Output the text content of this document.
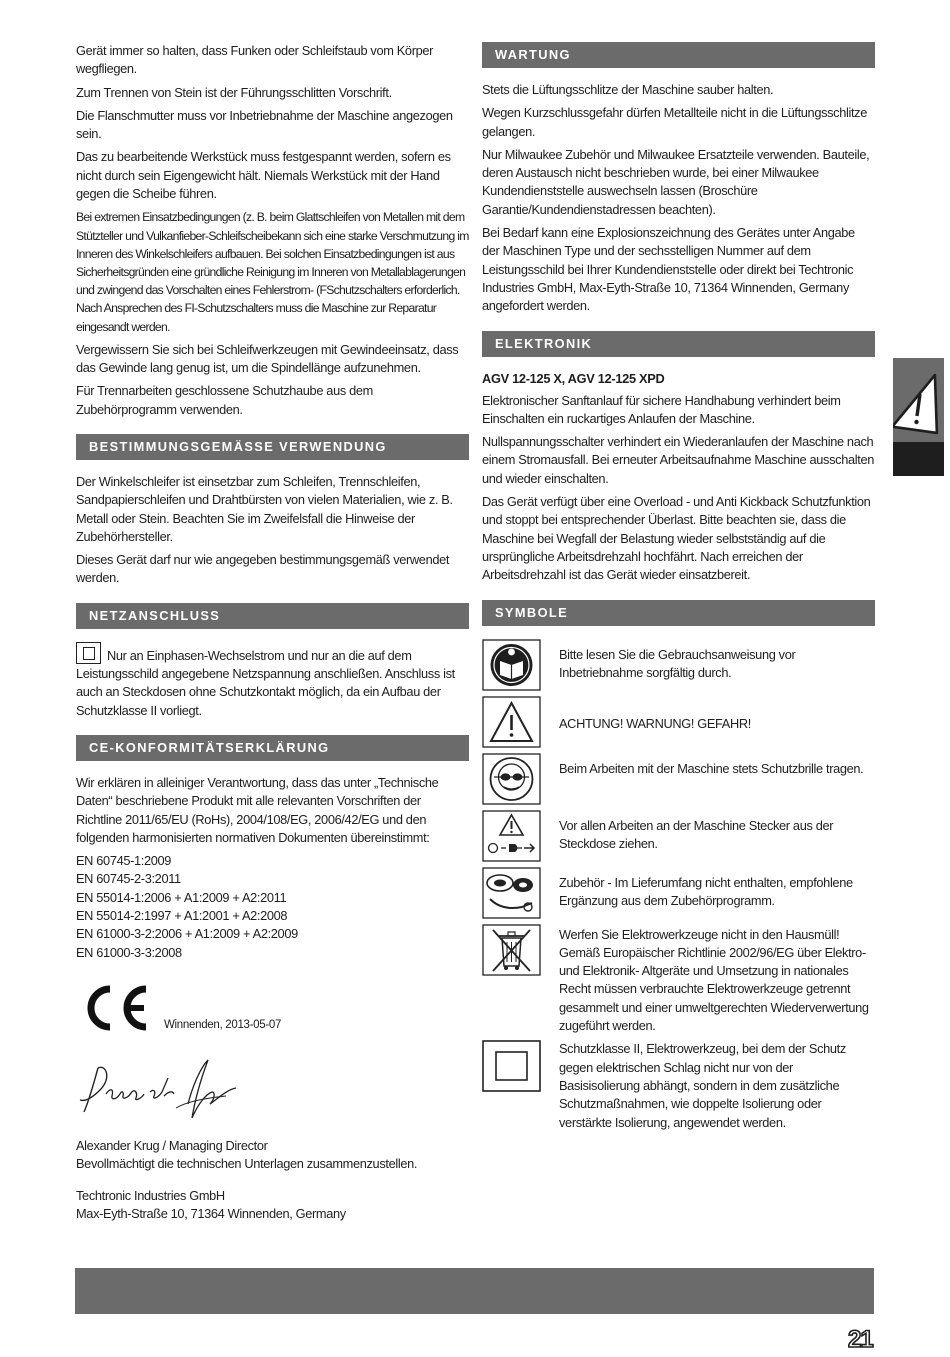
Gerät immer so halten, dass Funken oder Schleifstaub vom Körper wegfliegen.

Zum Trennen von Stein ist der Führungsschlitten Vorschrift.

Die Flanschmutter muss vor Inbetriebnahme der Maschine angezogen sein.

Das zu bearbeitende Werkstück muss festgespannt werden, sofern es nicht durch sein Eigengewicht hält. Niemals Werkstück mit der Hand gegen die Scheibe führen.

Bei extremen Einsatzbedingungen (z. B. beim Glattschleifen von Metallen mit dem Stützteller und Vulkanfieber-Schleifscheibekann sich eine starke Verschmutzung im Inneren des Winkelschleifers aufbauen. Bei solchen Einsatzbedingungen ist aus Sicherheitsgründen eine gründliche Reinigung im Inneren von Metallablagerungen und zwingend das Vorschalten eines Fehlerstrom- (FSchutzschalters erforderlich. Nach Ansprechen des FI-Schutzschalters muss die Maschine zur Reparatur eingesandt werden.

Vergewissern Sie sich bei Schleifwerkzeugen mit Gewindeeinsatz, dass das Gewinde lang genug ist, um die Spindellänge aufzunehmen.

Für Trennarbeiten geschlossene Schutzhaube aus dem Zubehörprogramm verwenden.

BESTIMMUNGSGEMÄSSE VERWENDUNG

Der Winkelschleifer ist einsetzbar zum Schleifen, Trennschleifen, Sandpapierschleifen und Drahtbürsten von vielen Materialien, wie z. B. Metall oder Stein. Beachten Sie im Zweifelsfall die Hinweise der Zubehörhersteller.

Dieses Gerät darf nur wie angegeben bestimmungsgemäß verwendet werden.

NETZANSCHLUSS

Nur an Einphasen-Wechselstrom und nur an die auf dem Leistungsschild angegebene Netzspannung anschließen. Anschluss ist auch an Steckdosen ohne Schutzkontakt möglich, da ein Aufbau der Schutzklasse II vorliegt.

CE-KONFORMITÄTSERKLÄRUNG

Wir erklären in alleiniger Verantwortung, dass das unter „Technische Daten“ beschriebene Produkt mit alle relevanten Vorschriften der Richtline 2011/65/EU (RoHs), 2004/108/EG, 2006/42/EG und den folgenden harmonisierten normativen Dokumenten übereinstimmt:

EN 60745-1:2009

EN 60745-2-3:2011

EN 55014-1:2006 + A1:2009 + A2:2011

EN 55014-2:1997 + A1:2001 + A2:2008

EN 61000-3-2:2006 + A1:2009 + A2:2009

EN 61000-3-3:2008

Winnenden, 2013-05-07

Alexander Krug / Managing Director

Bevollmächtigt die technischen Unterlagen zusammenzustellen.

Techtronic Industries GmbH

Max-Eyth-Straße 10, 71364 Winnenden, Germany

WARTUNG

Stets die Lüftungsschlitze der Maschine sauber halten.

Wegen Kurzschlussgefahr dürfen Metallteile nicht in die Lüftungsschlitze gelangen.

Nur Milwaukee Zubehör und Milwaukee Ersatzteile verwenden. Bauteile, deren Austausch nicht beschrieben wurde, bei einer Milwaukee Kundendienststelle auswechseln lassen (Broschüre Garantie/Kundendienstadressen beachten).

Bei Bedarf kann eine Explosionszeichnung des Gerätes unter Angabe der Maschinen Type und der sechsstelligen Nummer auf dem Leistungsschild bei Ihrer Kundendienststelle oder direkt bei Techtronic Industries GmbH, Max-Eyth-Straße 10, 71364 Winnenden, Germany angefordert werden.

ELEKTRONIK
AGV 12-125 X, AGV 12-125 XPD

Elektronischer Sanftanlauf für sichere Handhabung verhindert beim Einschalten ein ruckartiges Anlaufen der Maschine.

Nullspannungsschalter verhindert ein Wiederanlaufen der Maschine nach einem Stromausfall. Bei erneuter Arbeitsaufnahme Maschine ausschalten und wieder einschalten.

Das Gerät verfügt über eine Overload - und Anti Kickback Schutzfunktion und stoppt bei entsprechender Überlast. Bitte beachten sie, dass die Maschine bei Wegfall der Belastung wieder selbstständig auf die ursprüngliche Arbeitsdrehzahl hochfährt. Nach erreichen der Arbeitsdrehzahl ist das Gerät wieder einsatzbereit.

SYMBOLE
Bitte lesen Sie die Gebrauchsanweisung vor Inbetriebnahme sorgfältig durch.
ACHTUNG! WARNUNG! GEFAHR!
Beim Arbeiten mit der Maschine stets Schutzbrille tragen.
Vor allen Arbeiten an der Maschine Stecker aus der Steckdose ziehen.
Zubehör - Im Lieferumfang nicht enthalten, empfohlene Ergänzung aus dem Zubehörprogramm.
Werfen Sie Elektrowerkzeuge nicht in den Hausmüll! Gemäß Europäischer Richtlinie 2002/96/EG über Elektro- und Elektronik- Altgeräte und Umsetzung in nationales Recht müssen verbrauchte Elektrowerkzeuge getrennt gesammelt und einer umweltgerechten Wiederverwertung zugeführt werden.
Schutzklasse II, Elektrowerkzeug, bei dem der Schutz gegen elektrischen Schlag nicht nur von der Basisisolierung abhängt, sondern in dem zusätzliche Schutzmaßnahmen, wie doppelte Isolierung oder verstärkte Isolierung, angewendet werden.
21
